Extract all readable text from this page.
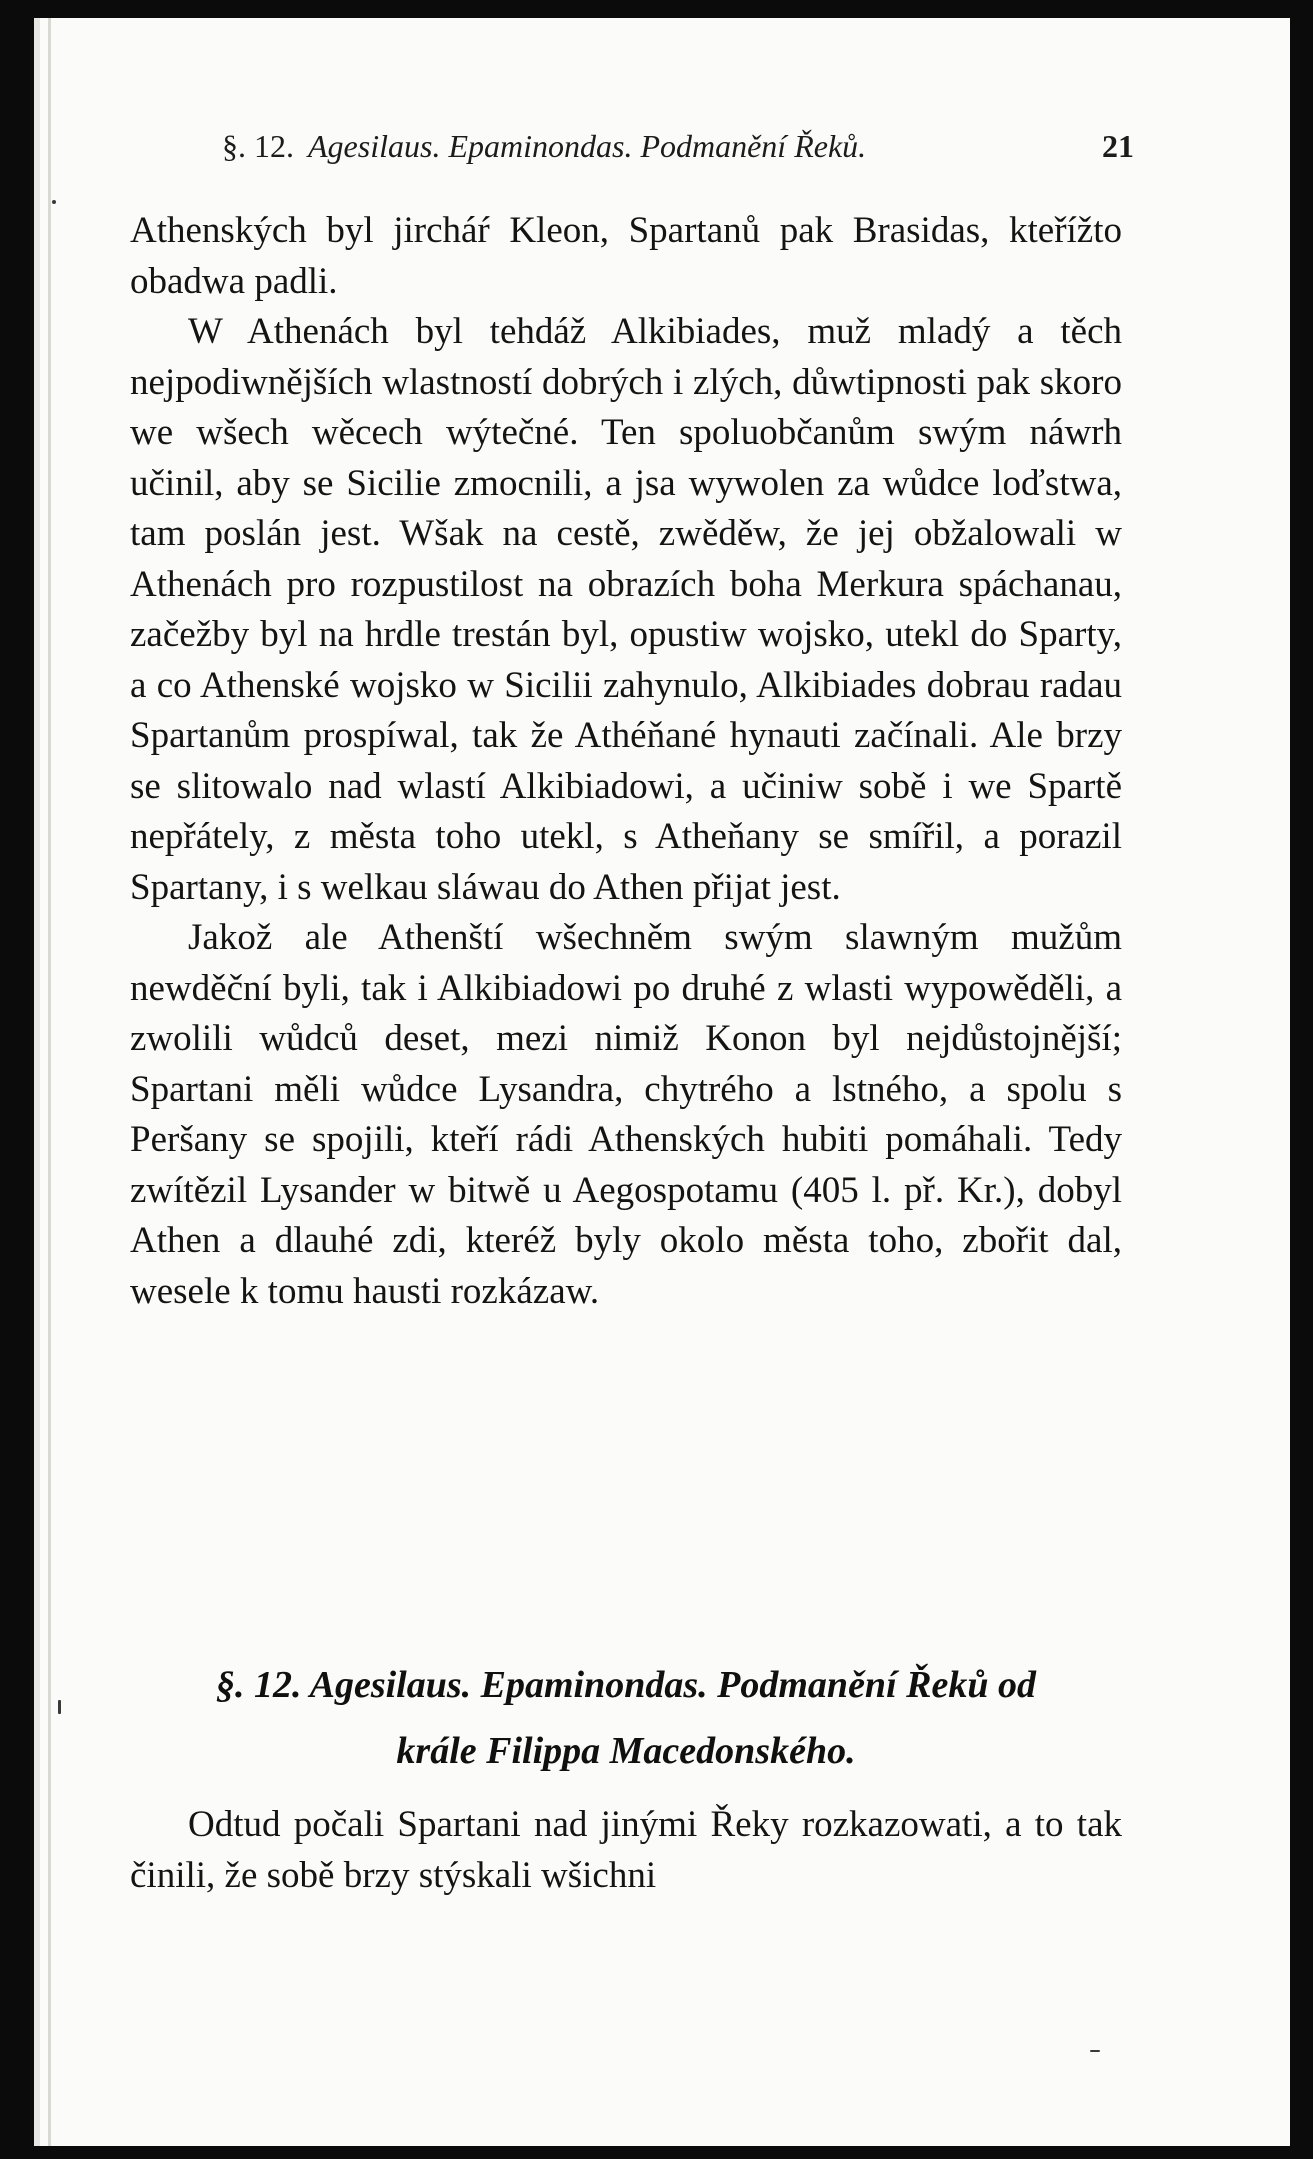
§. 12. Agesilaus. Epaminondas. Podmanění Řeků.	21

Athenských byl jircháŕ Kleon, Spartanů pak Brasidas, kteřížto obadwa padli.

W Athenách byl tehdáž Alkibiades, muž mladý a těch nejpodiwnějších wlastností dobrých i zlých, důwtipnosti pak skoro we wšech wěcech wýtečné. Ten spoluobčanům swým náwrh učinil, aby se Sicilie zmocnili, a jsa wywolen za wůdce loďstwa, tam poslán jest. Wšak na cestě, zwěděw, že jej obžalowali w Athenách pro rozpustilost na obrazích boha Merkura spáchanau, začežby byl na hrdle trestán byl, opustiw wojsko, utekl do Sparty, a co Athenské wojsko w Sicilii zahynulo, Alkibiades dobrau radau Spartanům prospíwal, tak že Athéňané hynauti začínali. Ale brzy se slitowalo nad wlastí Alkibiadowi, a učiniw sobě i we Spartě nepřátely, z města toho utekl, s Atheňany se smířil, a porazil Spartany, i s welkau sláwau do Athen přijat jest.

Jakož ale Athenští wšechněm swým slawným mužům newděční byli, tak i Alkibiadowi po druhé z wlasti wypowěděli, a zwolili wůdců deset, mezi nimiž Konon byl nejdůstojnější; Spartani měli wůdce Lysandra, chytrého a lstného, a spolu s Peršany se spojili, kteří rádi Athenských hubiti pomáhali. Tedy zwítězil Lysander w bitwě u Aegospotamu (405 l. př. Kr.), dobyl Athen a dlauhé zdi, kteréž byly okolo města toho, zbořit dal, wesele k tomu hausti rozkázaw.

§. 12. Agesilaus. Epaminondas. Podmanění Řeků od
krále Filippa Macedonského.

Odtud počali Spartani nad jinými Řeky rozkazowati, a to tak činili, že sobě brzy stýskali wšichni
